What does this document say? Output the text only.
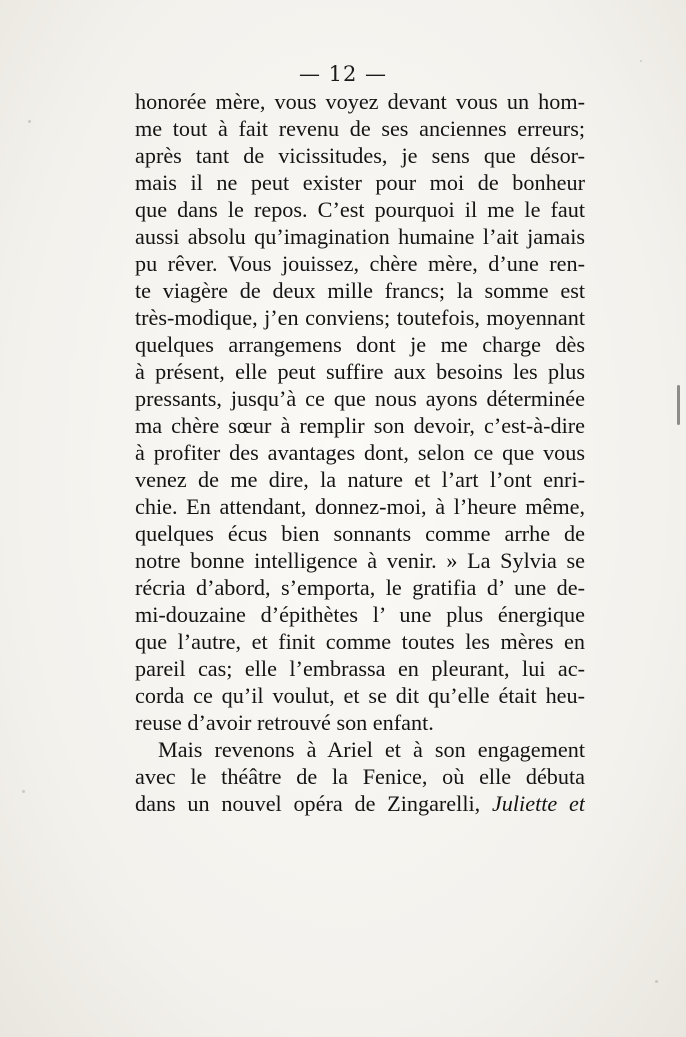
— 12 —
honorée mère, vous voyez devant vous un hom-
me tout à fait revenu de ses anciennes erreurs;
après tant de vicissitudes, je sens que désor-
mais il ne peut exister pour moi de bonheur
que dans le repos. C’est pourquoi il me le faut
aussi absolu qu’imagination humaine l’ait jamais
pu rêver. Vous jouissez, chère mère, d’une ren-
te viagère de deux mille francs; la somme est
très-modique, j’en conviens; toutefois, moyennant
quelques arrangemens dont je me charge dès
à présent, elle peut suffire aux besoins les plus
pressants, jusqu’à ce que nous ayons déterminée
ma chère sœur à remplir son devoir, c’est-à-dire
à profiter des avantages dont, selon ce que vous
venez de me dire, la nature et l’art l’ont enri-
chie. En attendant, donnez-moi, à l’heure même,
quelques écus bien sonnants comme arrhe de
notre bonne intelligence à venir. » La Sylvia se
récria d’abord, s’emporta, le gratifia d’ une de-
mi-douzaine d’épithètes l’ une plus énergique
que l’autre, et finit comme toutes les mères en
pareil cas; elle l’embrassa en pleurant, lui ac-
corda ce qu’il voulut, et se dit qu’elle était heu-
reuse d’avoir retrouvé son enfant.
Mais revenons à Ariel et à son engagement
avec le théâtre de la Fenice, où elle débuta
dans un nouvel opéra de Zingarelli, Juliette et
